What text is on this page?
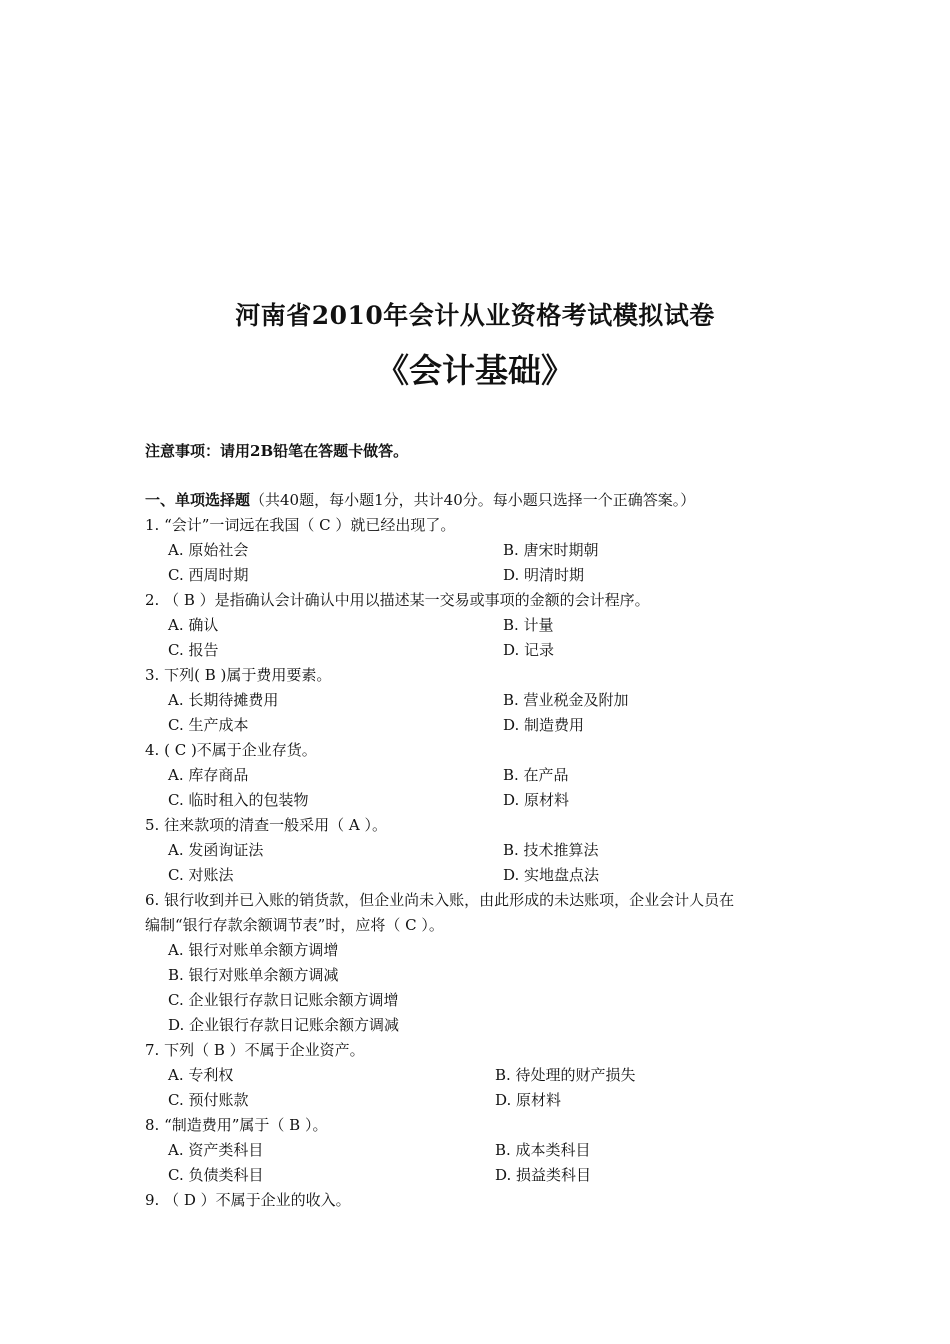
河南省2010年会计从业资格考试模拟试卷
《会计基础》
注意事项：请用2B铅笔在答题卡做答。
一、单项选择题（共40题，每小题1分，共计40分。每小题只选择一个正确答案。）
1. “会计”一词远在我国（ C ）就已经出现了。
A. 原始社会	B. 唐宋时期朝
C. 西周时期	D. 明清时期
2. （ B ）是指确认会计确认中用以描述某一交易或事项的金额的会计程序。
A. 确认	B. 计量
C. 报告	D. 记录
3. 下列( B )属于费用要素。
A. 长期待摊费用	B. 营业税金及附加
C. 生产成本	D. 制造费用
4. ( C )不属于企业存货。
A. 库存商品	B. 在产品
C. 临时租入的包装物	D. 原材料
5. 往来款项的清查一般采用（ A ）。
A. 发函询证法	B. 技术推算法
C. 对账法	D. 实地盘点法
6. 银行收到并已入账的销货款，但企业尚未入账，由此形成的未达账项，企业会计人员在
编制“银行存款余额调节表”时，应将（ C ）。
A. 银行对账单余额方调增
B. 银行对账单余额方调减
C. 企业银行存款日记账余额方调增
D. 企业银行存款日记账余额方调减
7. 下列（ B ）不属于企业资产。
A. 专利权	B. 待处理的财产损失
C. 预付账款	D. 原材料
8. “制造费用”属于（ B ）。
A. 资产类科目	B. 成本类科目
C. 负债类科目	D. 损益类科目
9. （ D ）不属于企业的收入。
